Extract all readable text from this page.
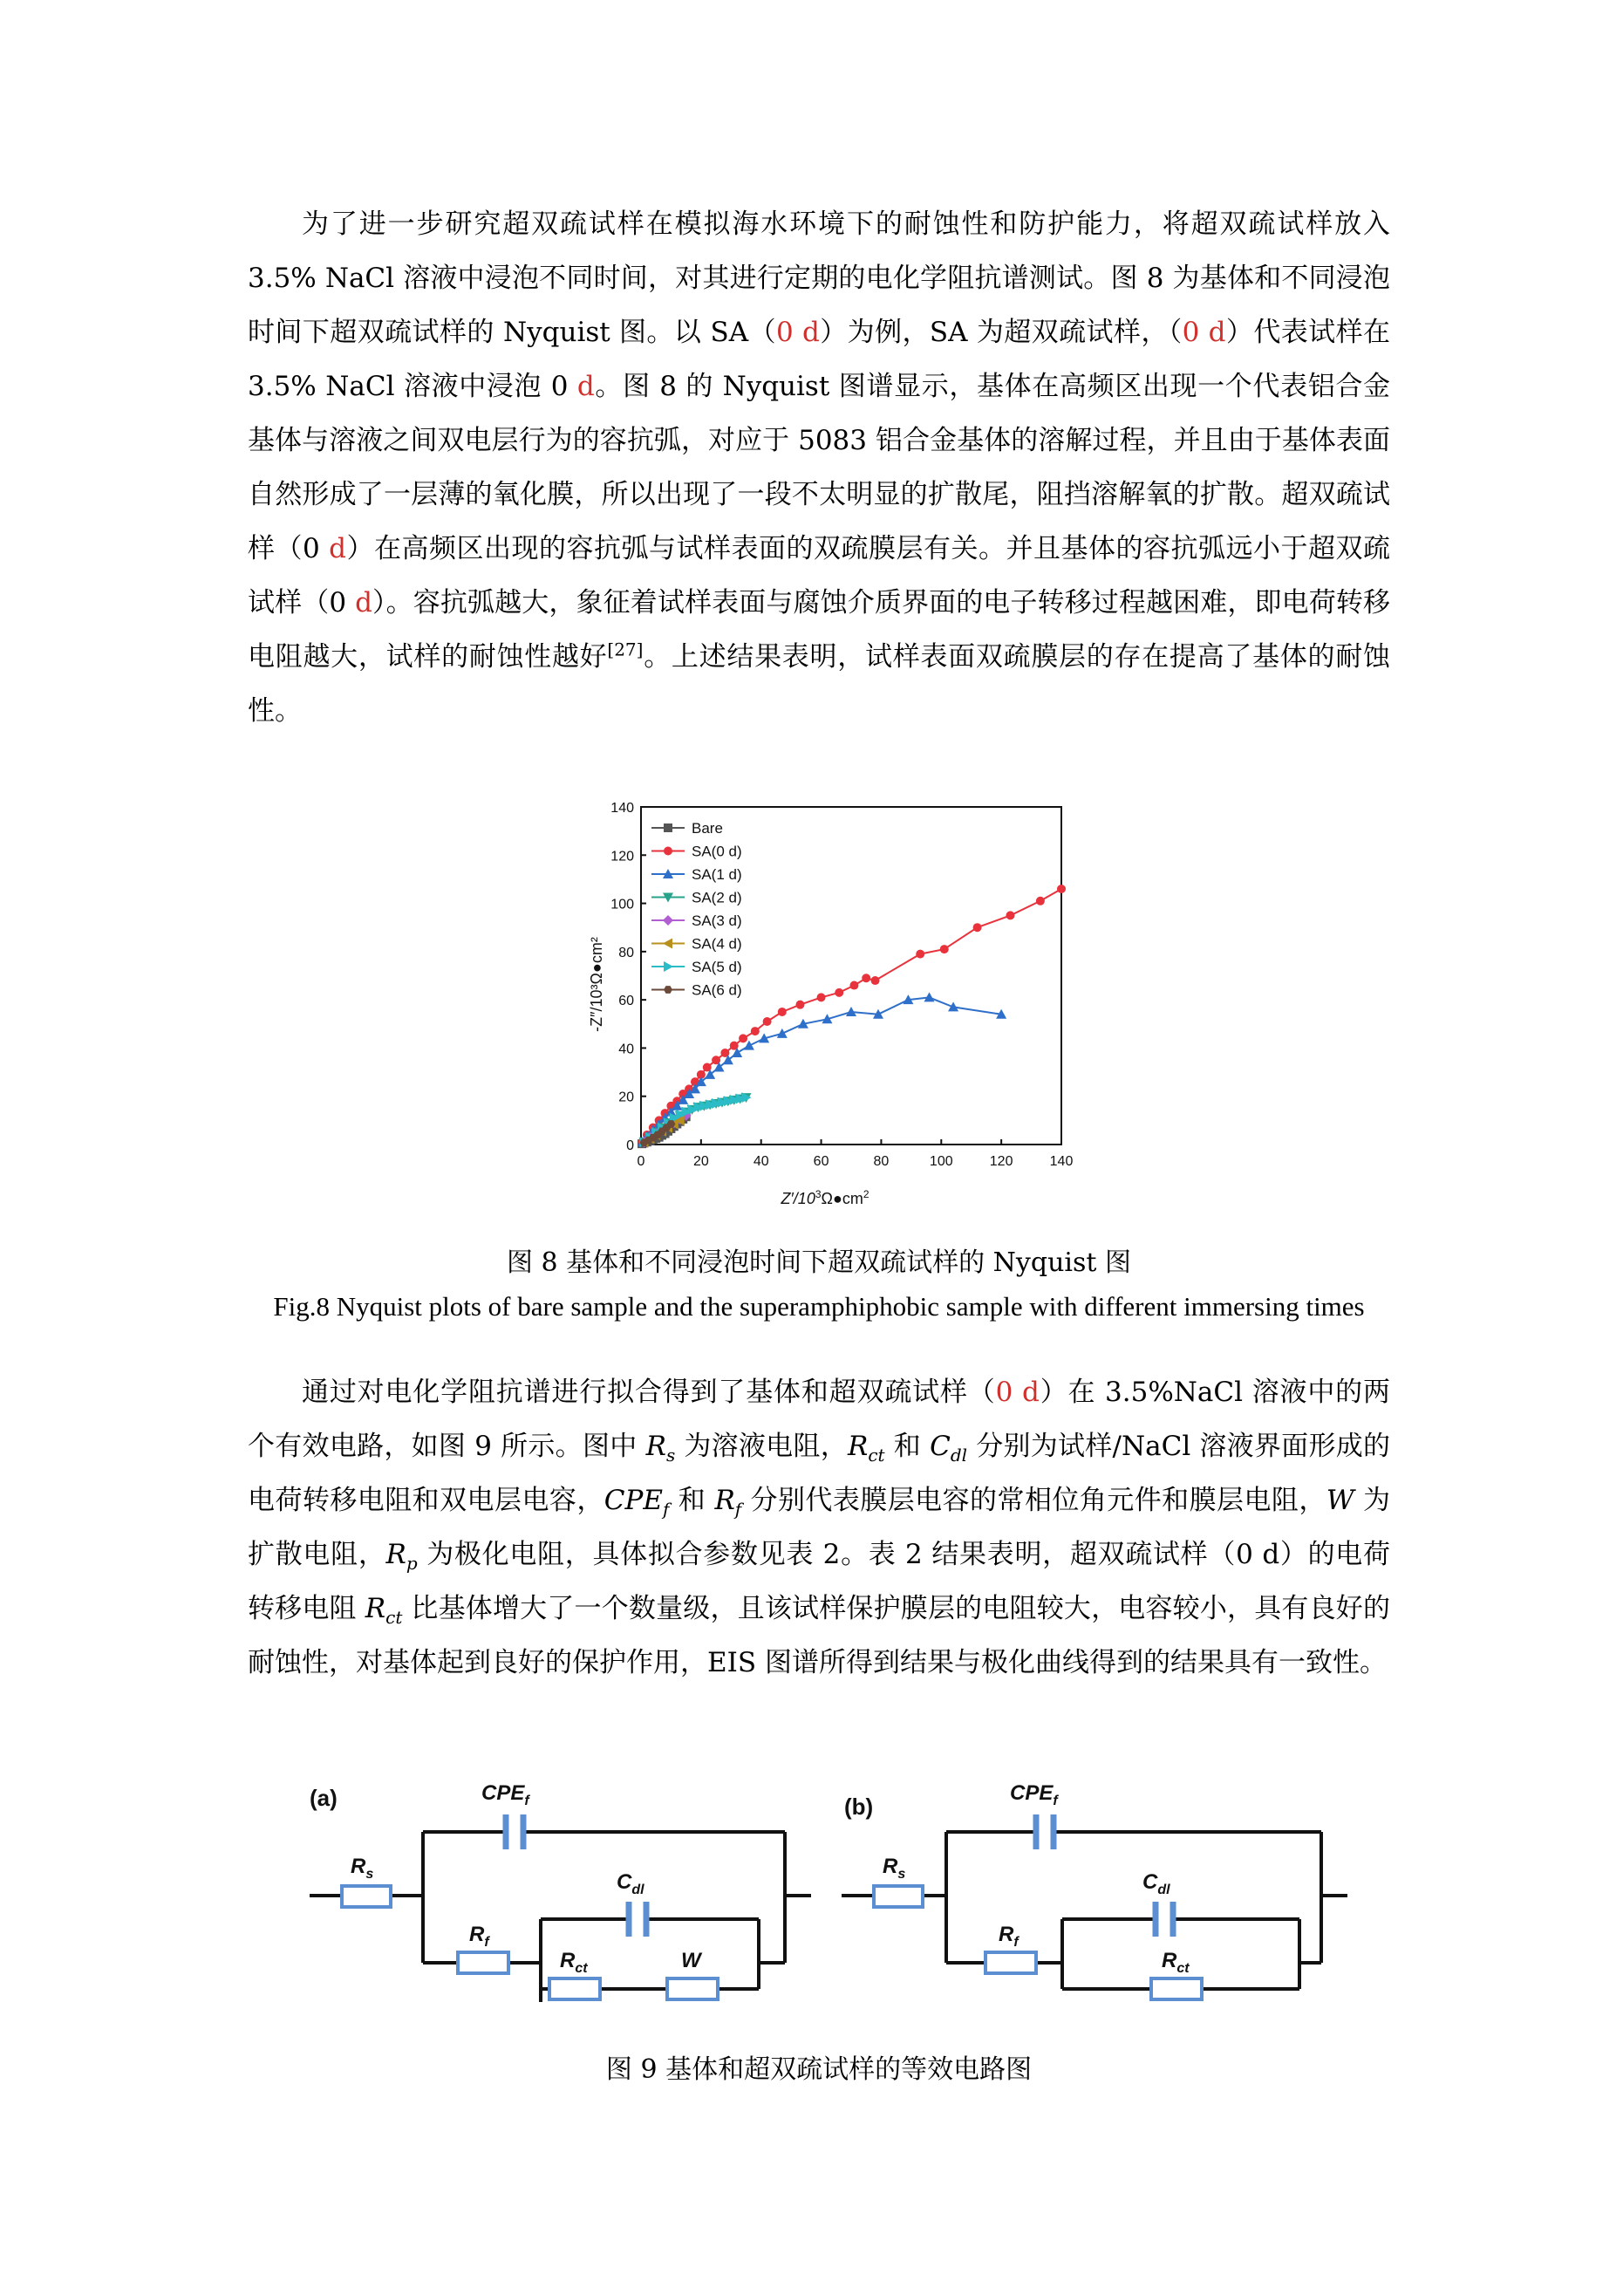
为了进一步研究超双疏试样在模拟海水环境下的耐蚀性和防护能力，将超双疏试样放入3.5% NaCl 溶液中浸泡不同时间，对其进行定期的电化学阻抗谱测试。图 8 为基体和不同浸泡时间下超双疏试样的 Nyquist 图。以 SA（0 d）为例，SA 为超双疏试样，（0 d）代表试样在 3.5% NaCl 溶液中浸泡 0 d。图 8 的 Nyquist 图谱显示，基体在高频区出现一个代表铝合金基体与溶液之间双电层行为的容抗弧，对应于 5083 铝合金基体的溶解过程，并且由于基体表面自然形成了一层薄的氧化膜，所以出现了一段不太明显的扩散尾，阻挡溶解氧的扩散。超双疏试样（0 d）在高频区出现的容抗弧与试样表面的双疏膜层有关。并且基体的容抗弧远小于超双疏试样（0 d）。容抗弧越大，象征着试样表面与腐蚀介质界面的电子转移过程越困难，即电荷转移电阻越大，试样的耐蚀性越好[27]。上述结果表明，试样表面双疏膜层的存在提高了基体的耐蚀性。

0	20	40	60	80	100	120	140
0
20
40
60
80
100
120
140
$Z'/10^3\Omega●cm^2$
-Z″/10³Ω●cm²
Bare
SA(0 d)
SA(1 d)
SA(2 d)
SA(3 d)
SA(4 d)
SA(5 d)
SA(6 d)

图 8 基体和不同浸泡时间下超双疏试样的 Nyquist 图

Fig.8 Nyquist plots of bare sample and the superamphiphobic sample with different immersing times

通过对电化学阻抗谱进行拟合得到了基体和超双疏试样（0 d）在 3.5%NaCl 溶液中的两个有效电路，如图 9 所示。图中 $R_s$ 为溶液电阻，$R_{ct}$ 和 $C_{dl}$ 分别为试样/NaCl 溶液界面形成的电荷转移电阻和双电层电容，$CPE_f$ 和 $R_f$ 分别代表膜层电容的常相位角元件和膜层电阻，W 为扩散电阻，$R_p$ 为极化电阻，具体拟合参数见表 2。表 2 结果表明，超双疏试样（0 d）的电荷转移电阻 $R_{ct}$ 比基体增大了一个数量级，且该试样保护膜层的电阻较大，电容较小，具有良好的耐蚀性，对基体起到良好的保护作用，EIS 图谱所得到结果与极化曲线得到的结果具有一致性。

(a)	(b)
$CPE_f$
$R_s$
$R_f$
$C_{dl}$
$R_{ct}$	W
$CPE_f$
$R_s$
$R_f$
$C_{dl}$
$R_{ct}$

图 9 基体和超双疏试样的等效电路图
